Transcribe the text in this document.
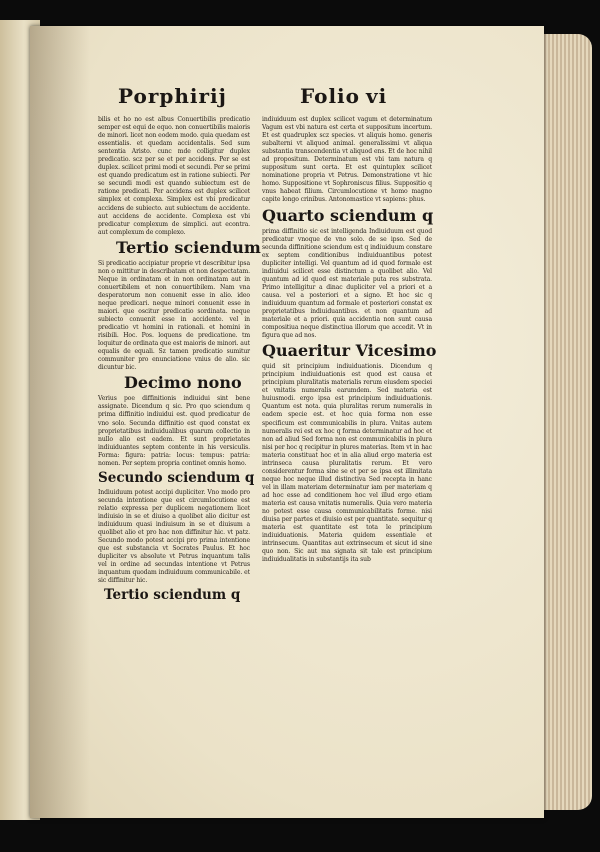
Porphirij	Folio vi

bilis et ho no est albus Conuertibilis predicatio semper est equi de equo. non conuertibilis maioris de minori. licet non eodem modo. quia quedam est essentialis. et quedam accidentalis. Sed sum sententia Aristo. cunc mde colligitur duplex predicatio. scz per se et per accidens. Per se est duplex. scilicet primi modi et secundi. Per se primi est quando predicatum est in ratione subiecti. Per se secundi modi est quando subiectum est de ratione predicati. Per accidens est duplex scilicet simplex et complexa. Simplex est vbi predicatur accidens de subiecto. aut subiectum de accidente. aut accidens de accidente. Complexa est vbi predicatur complexum de simplici. aut econtra. aut complexum de complexo.

Tertio sciendum

Si predicatio accipiatur proprie vt describitur ipsa non o mittitur in describatam et non despectatam. Neque in ordinatam et in non ordinatam aut in conuertibilem et non conuertibilem. Nam vna desperatorum non conuenit esse in alio. ideo neque predicari. neque minori conuenit esse in maiori. que oscitur predicatio sordinata. neque subiecto conuenit esse in accidente. vel in predicatio vt homini in rationali. et homini in risibili. Hoc. Pos. loquens de predicatione. tm loquitur de ordinata que est maioris de minori. aut equalis de equali. Sz tamen predicatio sumitur communiter pro enunciatione vnius de alio. sic dicuntur bic.

Decimo nono

Verius poe diffinitionis indiuidui sint bene assignate. Dicendum q sic. Pro quo sciendum q prima diffinitio indiuidui est. quod predicatur de vno solo. Secunda diffinitio est quod constat ex proprietatibus indiuidualibus quarum collectio in nullo alio est eadem. Et sunt proprietates indiuiduantes septem contente in his versiculis. Forma: figura: patria: locus: tempus: patria: nomen. Per septem propria continet omnis homo.

Secundo sciendum q

Indiuiduum potest accipi dupliciter. Vno modo pro secunda intentione que est circumlocutione est relatio expressa per duplicem negationem licet indiuisio in se et diuiso a quolibet alio dicitur est indiuiduum quasi indiuisum in se et diuisum a quolibet alio et pro hac non diffinitur hic. vt patz. Secundo modo potest accipi pro prima intentione que est substancia vt Socrates Paulus. Et hoc dupliciter vs absolute vt Petrus inquantum talis vel in ordine ad secundas intentione vt Petrus inquantum quodam indiuiduum communicabile. et sic diffinitur hic.

Tertio sciendum q

indiuiduum est duplex scilicet vagum et determinatum Vagum est vbi natura est certa et suppositum incertum. Et est quadruplex scz species. vt aliquis homo. generis subalterni vt aliquod animal. generalissimi vt aliqua substantia transcendentia vt aliquod ens. Et de hoc nihil ad propositum. Determinatum est vbi tam natura q suppositum sunt certa. Et est quintuplex scilicet nominatione propria vt Petrus. Demonstratione vt hic homo. Suppositione vt Sophroniscus filius. Suppositio q vnus habeat filium. Circumlocutione vt homo magno capite longo crinibus. Antonomastice vt sapiens: phus.

Quarto sciendum q

prima diffinitio sic est intelligenda Indiuiduum est quod predicatur vnoque de vno solo. de se ipso. Sed de secunda diffinitione sciendum est q indiuiduum constare ex septem conditionibus indiuiduantibus potest dupliciter intelligi. Vel quantum ad id quod formale est indiuidui scilicet esse distinctum a quolibet alio. Vel quantum ad id quod est materiale puta res substrata. Primo intelligitur a dinac dupliciter vel a priori et a causa. vel a posteriori et a signo. Et hoc sic q indiuiduum quantum ad formale et posteriori constat ex proprietatibus indiuiduantibus. et non quantum ad materiale et a priori. quia accidentia non sunt causa compositiua neque distinctiua illorum que accedit. Vt in figura que ad nos.

Quaeritur Vicesimo

quid sit principium indiuiduationis. Dicendum q principium indiuiduationis est quod est causa et principium pluralitatis materialis rerum eiusdem speciei et vnitatis numeralis earumdem. Sed materia est huiusmodi. ergo ipsa est principium indiuiduationis. Quantum est nota. quia pluralitas rerum numeralis in eadem specie est. et hoc quia forma non esse specificum est communicabilis in plura. Vnitas autem numeralis rei est ex hoc q forma determinatur ad hoc et non ad aliud Sed forma non est communicabilis in plura nisi per hoc q recipitur in plures materias. Item vt in hac materia constituat hoc et in alia aliud ergo materia est intrinseca causa pluralitatis rerum. Et vero considerentur forma sine se et per se ipsa est illimitata neque hoc neque illud distinctiva Sed recepta in hanc vel in illam materiam determinatur iam per materiam q ad hoc esse ad conditionem hoc vel illud ergo etiam materia est causa vnitatis numeralis. Quia vero materia no potest esse causa communicabilitatis forme. nisi diuisa per partes et diuisio est per quantitate. sequitur q materia est quantitate est tota le principium indiuiduationis. Materia quidem essentiale et intrinsecum. Quantitas aut extrinsecum et sicut id sine quo non. Sic aut ma signata sit tale est principium indiuidualitatis in substantijs ita sub
